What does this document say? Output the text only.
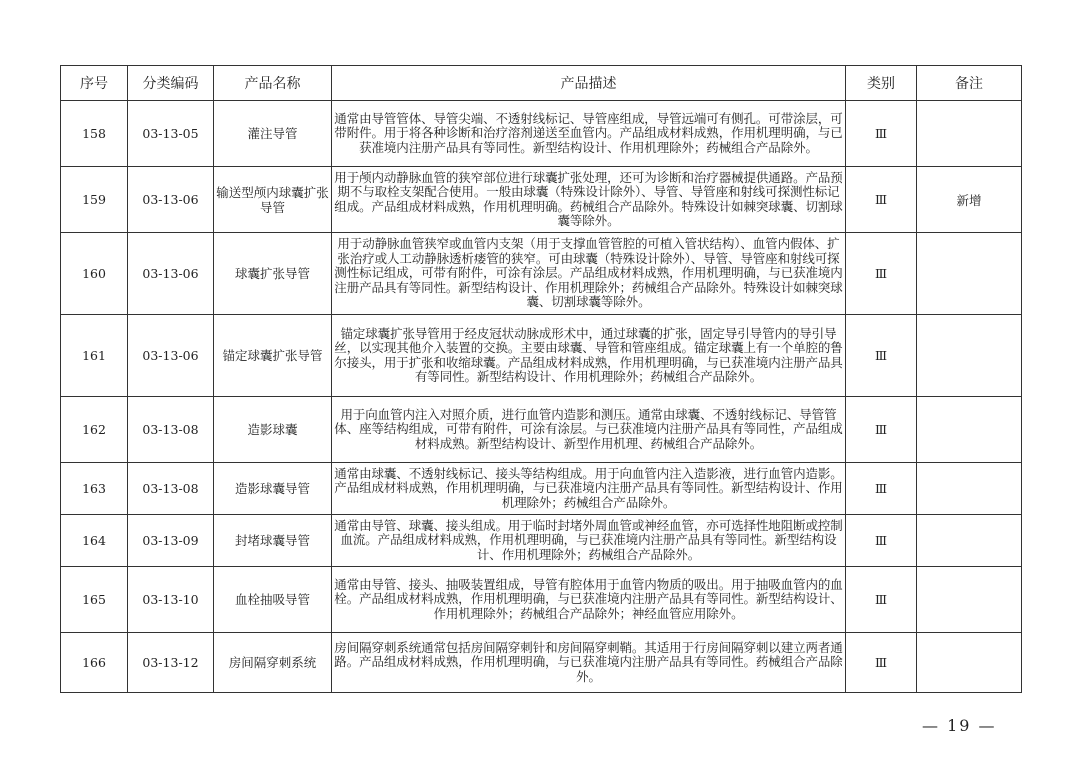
序号	分类编码	产品名称	产品描述	类别	备注
158	03-13-05	灌注导管	通常由导管管体、导管尖端、不透射线标记、导管座组成，导管远端可有侧孔。可带涂层，可带附件。用于将各种诊断和治疗溶剂递送至血管内。产品组成材料成熟，作用机理明确，与已获准境内注册产品具有等同性。新型结构设计、作用机理除外；药械组合产品除外。	Ⅲ	
159	03-13-06	输送型颅内球囊扩张导管	用于颅内动静脉血管的狭窄部位进行球囊扩张处理，还可为诊断和治疗器械提供通路。产品预期不与取栓支架配合使用。一般由球囊（特殊设计除外）、导管、导管座和射线可探测性标记组成。产品组成材料成熟，作用机理明确。药械组合产品除外。特殊设计如棘突球囊、切割球囊等除外。	Ⅲ	新增
160	03-13-06	球囊扩张导管	用于动静脉血管狭窄或血管内支架（用于支撑血管管腔的可植入管状结构）、血管内假体、扩张治疗或人工动静脉透析瘘管的狭窄。可由球囊（特殊设计除外）、导管、导管座和射线可探测性标记组成，可带有附件，可涂有涂层。产品组成材料成熟，作用机理明确，与已获准境内注册产品具有等同性。新型结构设计、作用机理除外；药械组合产品除外。特殊设计如棘突球囊、切割球囊等除外。	Ⅲ	
161	03-13-06	锚定球囊扩张导管	锚定球囊扩张导管用于经皮冠状动脉成形术中，通过球囊的扩张，固定导引导管内的导引导丝，以实现其他介入装置的交换。主要由球囊、导管和管座组成。锚定球囊上有一个单腔的鲁尔接头，用于扩张和收缩球囊。产品组成材料成熟，作用机理明确，与已获准境内注册产品具有等同性。新型结构设计、作用机理除外；药械组合产品除外。	Ⅲ	
162	03-13-08	造影球囊	用于向血管内注入对照介质，进行血管内造影和测压。通常由球囊、不透射线标记、导管管体、座等结构组成，可带有附件，可涂有涂层。与已获准境内注册产品具有等同性，产品组成材料成熟。新型结构设计、新型作用机理、药械组合产品除外。	Ⅲ	
163	03-13-08	造影球囊导管	通常由球囊、不透射线标记、接头等结构组成。用于向血管内注入造影液，进行血管内造影。产品组成材料成熟，作用机理明确，与已获准境内注册产品具有等同性。新型结构设计、作用机理除外；药械组合产品除外。	Ⅲ	
164	03-13-09	封堵球囊导管	通常由导管、球囊、接头组成。用于临时封堵外周血管或神经血管，亦可选择性地阻断或控制血流。产品组成材料成熟，作用机理明确，与已获准境内注册产品具有等同性。新型结构设计、作用机理除外；药械组合产品除外。	Ⅲ	
165	03-13-10	血栓抽吸导管	通常由导管、接头、抽吸装置组成，导管有腔体用于血管内物质的吸出。用于抽吸血管内的血栓。产品组成材料成熟，作用机理明确，与已获准境内注册产品具有等同性。新型结构设计、作用机理除外；药械组合产品除外；神经血管应用除外。	Ⅲ	
166	03-13-12	房间隔穿刺系统	房间隔穿刺系统通常包括房间隔穿刺针和房间隔穿刺鞘。其适用于行房间隔穿刺以建立两者通路。产品组成材料成熟，作用机理明确，与已获准境内注册产品具有等同性。药械组合产品除外。	Ⅲ	
— 19 —
